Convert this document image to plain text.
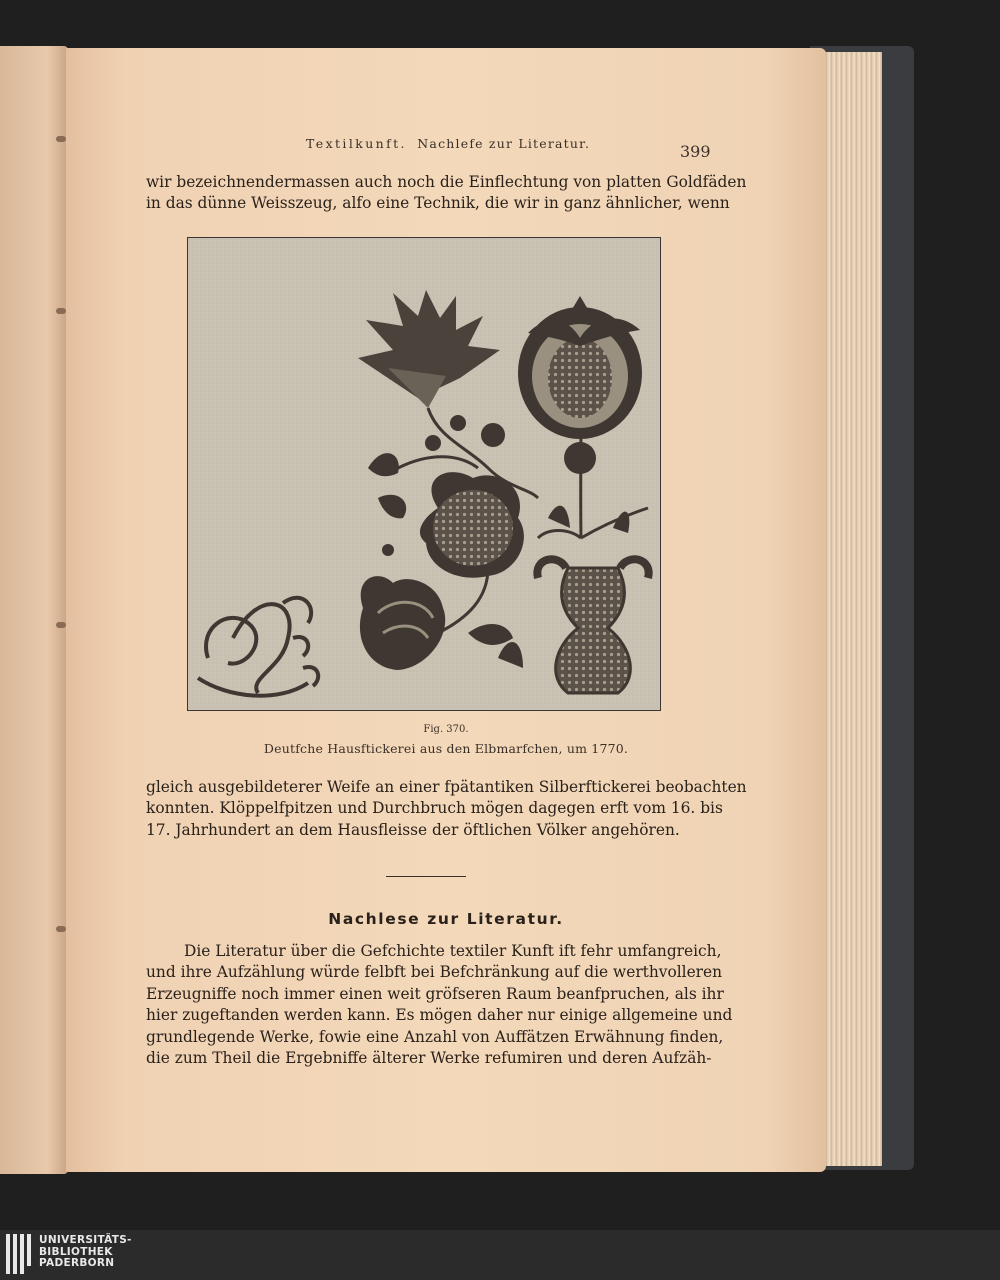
Textilkunft. Nachlefe zur Literatur.	399
wir bezeichnendermassen auch noch die Einflechtung von platten Goldfäden
in das dünne Weisszeug, alfo eine Technik, die wir in ganz ähnlicher, wenn
Fig. 370.
Deutfche Hausftickerei aus den Elbmarfchen, um 1770.
gleich ausgebildeterer Weife an einer fpätantiken Silberftickerei beobachten
konnten. Klöppelfpitzen und Durchbruch mögen dagegen erft vom 16. bis
17. Jahrhundert an dem Hausfleisse der öftlichen Völker angehören.
Nachlese zur Literatur.
Die Literatur über die Gefchichte textiler Kunft ift fehr umfangreich,
und ihre Aufzählung würde felbft bei Befchränkung auf die werthvolleren
Erzeugniffe noch immer einen weit gröfseren Raum beanfpruchen, als ihr
hier zugeftanden werden kann. Es mögen daher nur einige allgemeine und
grundlegende Werke, fowie eine Anzahl von Auffätzen Erwähnung finden,
die zum Theil die Ergebniffe älterer Werke refumiren und deren Aufzäh-
UNIVERSITÄTS-
BIBLIOTHEK
PADERBORN
